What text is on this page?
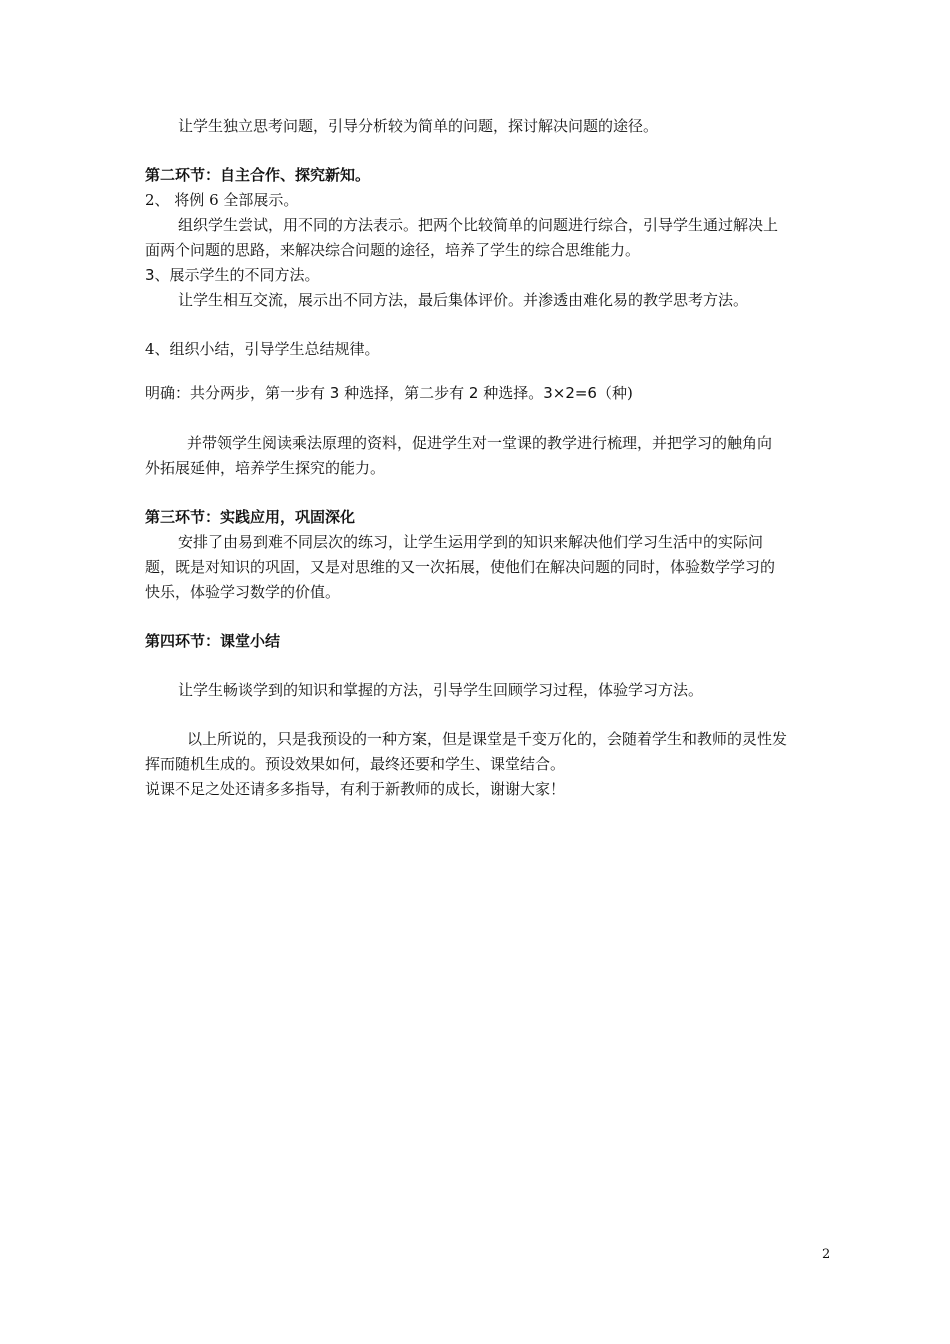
让学生独立思考问题，引导分析较为简单的问题，探讨解决问题的途径。
第二环节：自主合作、探究新知。
2、 将例 6 全部展示。
组织学生尝试，用不同的方法表示。把两个比较简单的问题进行综合，引导学生通过解决上
面两个问题的思路，来解决综合问题的途径，培养了学生的综合思维能力。
3、展示学生的不同方法。
让学生相互交流，展示出不同方法，最后集体评价。并渗透由难化易的教学思考方法。
4、组织小结，引导学生总结规律。
明确：共分两步，第一步有 3 种选择，第二步有 2 种选择。3×2=6（种)
并带领学生阅读乘法原理的资料，促进学生对一堂课的教学进行梳理，并把学习的触角向
外拓展延伸，培养学生探究的能力。
第三环节：实践应用，巩固深化
安排了由易到难不同层次的练习，让学生运用学到的知识来解决他们学习生活中的实际问
题，既是对知识的巩固，又是对思维的又一次拓展，使他们在解决问题的同时，体验数学学习的
快乐，体验学习数学的价值。
第四环节：课堂小结
让学生畅谈学到的知识和掌握的方法，引导学生回顾学习过程，体验学习方法。
以上所说的，只是我预设的一种方案，但是课堂是千变万化的，会随着学生和教师的灵性发
挥而随机生成的。预设效果如何，最终还要和学生、课堂结合。
说课不足之处还请多多指导，有利于新教师的成长，谢谢大家！
2
